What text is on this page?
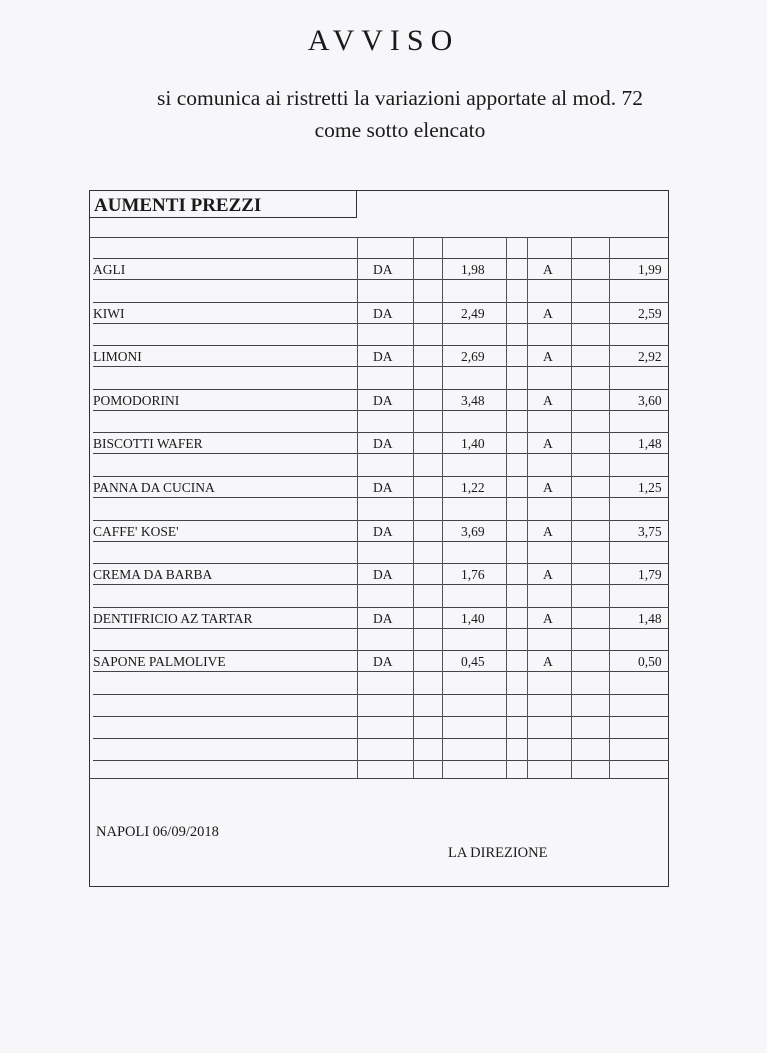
AVVISO
si comunica ai ristretti la variazioni apportate al mod. 72
come sotto elencato
AUMENTI PREZZI
AGLI	DA	1,98	A	1,99
KIWI	DA	2,49	A	2,59
LIMONI	DA	2,69	A	2,92
POMODORINI	DA	3,48	A	3,60
BISCOTTI WAFER	DA	1,40	A	1,48
PANNA DA CUCINA	DA	1,22	A	1,25
CAFFE' KOSE'	DA	3,69	A	3,75
CREMA DA BARBA	DA	1,76	A	1,79
DENTIFRICIO AZ TARTAR	DA	1,40	A	1,48
SAPONE PALMOLIVE	DA	0,45	A	0,50
NAPOLI 06/09/2018
LA DIREZIONE
